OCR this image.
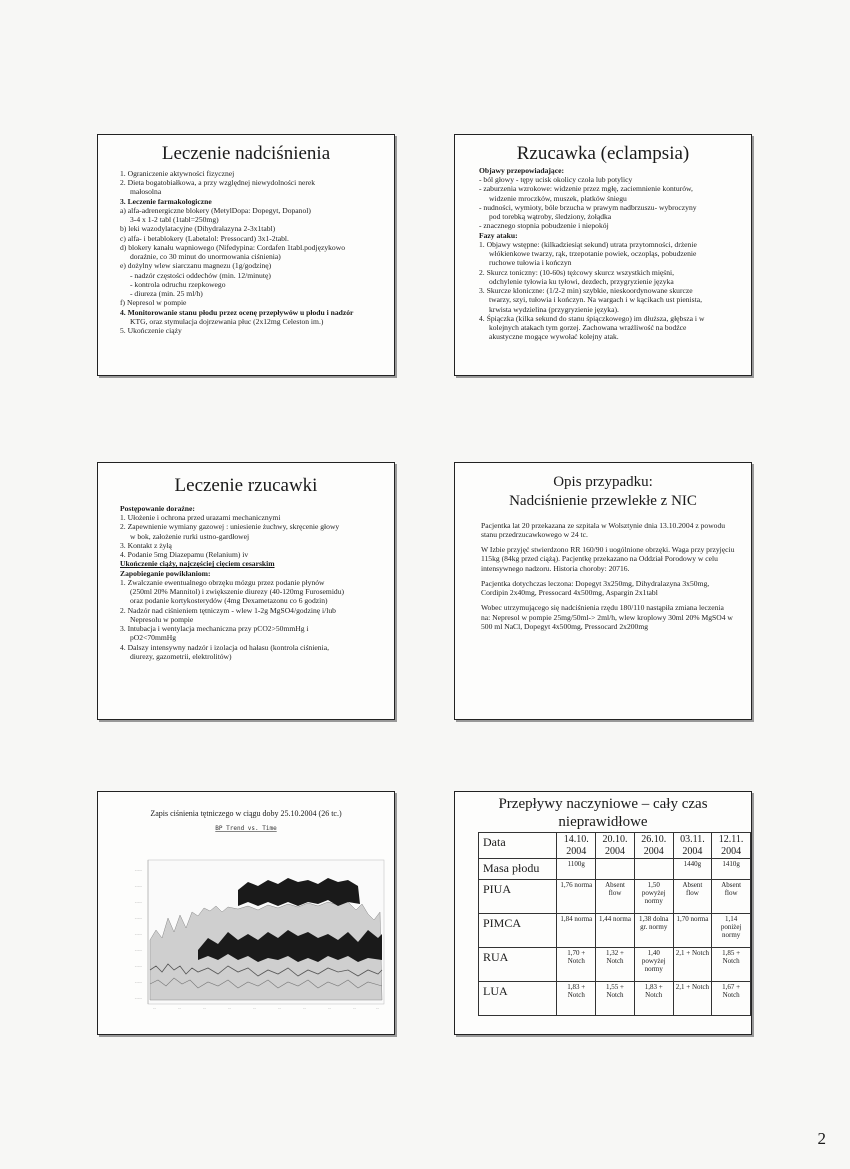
Leczenie nadciśnienia

1. Ograniczenie aktywności fizycznej

2. Dieta bogatobiałkowa, a przy względnej niewydolności nerek

małosolna

3. Leczenie farmakologiczne

a) alfa-adrenergiczne blokery (MetylDopa: Dopegyt, Dopanol)

3-4 x 1-2 tabl (1tabl=250mg)

b) leki wazodylatacyjne (Dihydralazyna 2-3x1tabl)

c) alfa- i betablokery (Labetalol: Pressocard) 3x1-2tabl.

d) blokery kanału wapniowego (Nifedypina: Cordafen 1tabl.podjęzykowo

doraźnie, co 30 minut do unormowania ciśnienia)

e) dożylny wlew siarczanu magnezu (1g/godzinę)

- nadzór częstości oddechów (min. 12/minutę)

- kontrola odruchu rzepkowego

- diureza (min. 25 ml/h)

f) Nepresol w pompie

4. Monitorowanie stanu płodu przez ocenę przepływów u płodu i nadzór

KTG, oraz stymulacja dojrzewania płuc (2x12mg Celeston im.)

5. Ukończenie ciąży

Rzucawka (eclampsia)

Objawy przepowiadające:

- ból głowy - tępy ucisk okolicy czoła lub potylicy

- zaburzenia wzrokowe: widzenie przez mgłę, zaciemnienie konturów,

widzenie mroczków, muszek, płatków śniegu

- nudności, wymioty, bóle brzucha w prawym nadbrzuszu- wybroczyny

pod torebką wątroby, śledziony, żołądka

- znacznego stopnia pobudzenie i niepokój

Fazy ataku:

1. Objawy wstępne: (kilkadziesiąt sekund) utrata przytomności, drżenie

włókienkowe twarzy, rąk, trzepotanie powiek, oczopląs, pobudzenie

ruchowe tułowia i kończyn

2. Skurcz toniczny: (10-60s) tężcowy skurcz wszystkich mięśni,

odchylenie tyłowia ku tyłowi, dezdech, przygryzienie języka

3. Skurcze kloniczne: (1/2-2 min) szybkie, nieskoordynowane skurcze

twarzy, szyi, tułowia i kończyn. Na wargach i w kącikach ust pienista,

krwista wydzielina (przygryzienie języka).

4. Śpiączka (kilka sekund do stanu śpiączkowego) im dłuższa, głębsza i w

kolejnych atakach tym gorzej. Zachowana wrażliwość na bodźce

akustyczne mogące wywołać kolejny atak.

Leczenie rzucawki

Postępowanie doraźne:

1. Ułożenie i ochrona przed urazami mechanicznymi

2. Zapewnienie wymiany gazowej : uniesienie żuchwy, skręcenie głowy

w bok, założenie rurki ustno-gardłowej

3. Kontakt z żyłą

4. Podanie 5mg Diazepamu (Relanium) iv

Ukończenie ciąży, najczęściej cięciem cesarskim

Zapobieganie powikłaniom:

1. Zwalczanie ewentualnego obrzęku mózgu przez podanie płynów

(250ml 20% Mannitol) i zwiększenie diurezy (40-120mg Furosemidu)

oraz podanie kortykosterydów (4mg Dexametazonu co 6 godzin)

2. Nadzór nad ciśnieniem tętniczym - wlew 1-2g MgSO4/godzinę i/lub

Nepresolu w pompie

3. Intubacja i wentylacja mechaniczna przy pCO2>50mmHg i

pO2<70mmHg

4. Dalszy intensywny nadzór i izolacja od hałasu (kontrola ciśnienia,

diurezy, gazometrii, elektrolitów)

Opis przypadku:
Nadciśnienie przewlekłe z NIC

Pacjentka lat 20 przekazana ze szpitala w Wolsztynie dnia 13.10.2004 z powodu stanu przedrzucawkowego w 24 tc.

W Izbie przyjęć stwierdzono RR 160/90 i uogólnione obrzęki. Waga przy przyjęciu 115kg (84kg przed ciążą). Pacjentkę przekazano na Oddział Porodowy w celu intensywnego nadzoru. Historia choroby: 20716.

Pacjentka dotychczas leczona: Dopegyt 3x250mg, Dihydralazyna 3x50mg, Cordipin 2x40mg, Pressocard 4x500mg, Aspargin 2x1tabl

Wobec utrzymującego się nadciśnienia rzędu 180/110 nastąpiła zmiana leczenia na: Nepresol w pompie 25mg/50ml-> 2ml/h, wlew kroplowy 30ml 20% MgSO4 w 500 ml NaCl, Dopegyt 4x500mg, Pressocard 2x200mg

Zapis ciśnienia tętniczego w ciągu doby 25.10.2004 (26 tc.)
BP Trend vs. Time
-----
-----
-----
-----
-----
-----
-----
-----
-----
--	--	--	--	--	--	--	--	--	--
Przepływy naczyniowe – cały czas nieprawidłowe
Data	14.10. 2004	20.10. 2004	26.10. 2004	03.11. 2004	12.11. 2004
Masa płodu	1100g			1440g	1410g
PIUA	1,76 norma	Absent flow	1,50 powyżej normy	Absent flow	Absent flow
PIMCA	1,84 norma	1,44 norma	1,38 dolna gr. normy	1,70 norma	1,14 poniżej normy
RUA	1,70 + Notch	1,32 + Notch	1,40 powyżej normy	2,1 + Notch	1,85 + Notch
LUA	1,83 + Notch	1,55 + Notch	1,83 + Notch	2,1 + Notch	1,67 + Notch
2
